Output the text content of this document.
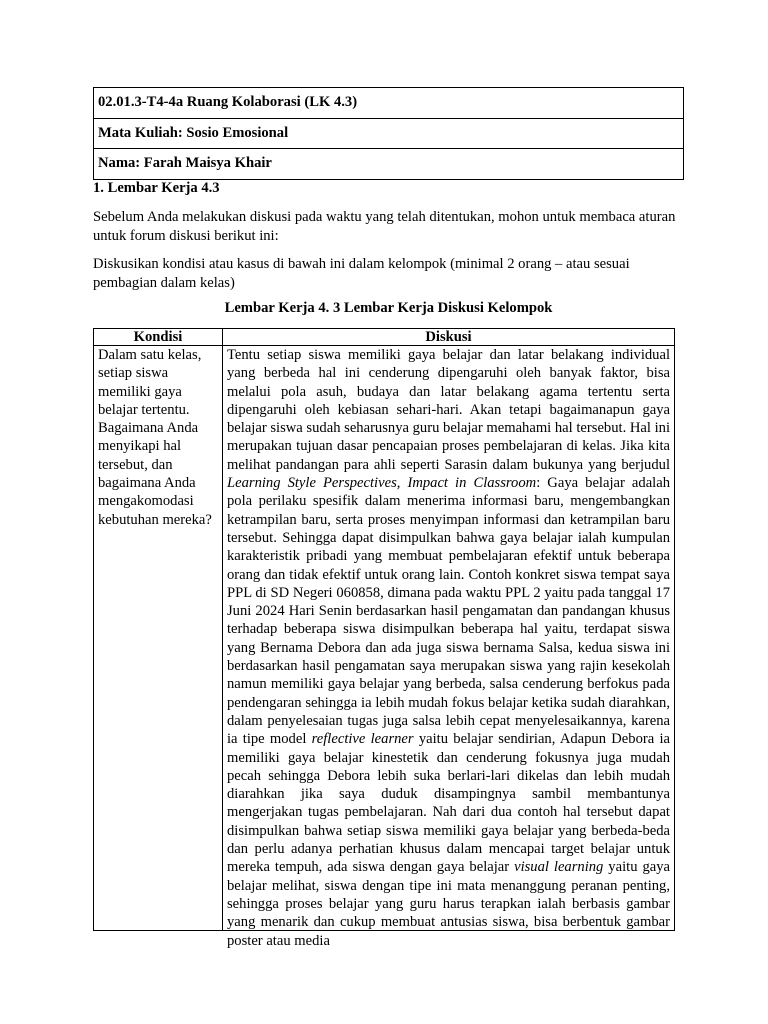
02.01.3-T4-4a Ruang Kolaborasi (LK 4.3)
Mata Kuliah: Sosio Emosional
Nama: Farah Maisya Khair
1. Lembar Kerja 4.3

Sebelum Anda melakukan diskusi pada waktu yang telah ditentukan, mohon untuk membaca aturan untuk forum diskusi berikut ini:

Diskusikan kondisi atau kasus di bawah ini dalam kelompok (minimal 2 orang – atau sesuai pembagian dalam kelas)

Lembar Kerja 4. 3 Lembar Kerja Diskusi Kelompok
Kondisi	Diskusi

Dalam satu kelas, setiap siswa memiliki gaya belajar tertentu. Bagaimana Anda menyikapi hal tersebut, dan bagaimana Anda mengakomodasi kebutuhan mereka?	Tentu setiap siswa memiliki gaya belajar dan latar belakang individual yang berbeda hal ini cenderung dipengaruhi oleh banyak faktor, bisa melalui pola asuh, budaya dan latar belakang agama tertentu serta dipengaruhi oleh kebiasan sehari-hari. Akan tetapi bagaimanapun gaya belajar siswa sudah seharusnya guru belajar memahami hal tersebut. Hal ini merupakan tujuan dasar pencapaian proses pembelajaran di kelas. Jika kita melihat pandangan para ahli seperti Sarasin dalam bukunya yang berjudul Learning Style Perspectives, Impact in Classroom: Gaya belajar adalah pola perilaku spesifik dalam menerima informasi baru, mengembangkan ketrampilan baru, serta proses menyimpan informasi dan ketrampilan baru tersebut. Sehingga dapat disimpulkan bahwa gaya belajar ialah kumpulan karakteristik pribadi yang membuat pembelajaran efektif untuk beberapa orang dan tidak efektif untuk orang lain. Contoh konkret siswa tempat saya PPL di SD Negeri 060858, dimana pada waktu PPL 2 yaitu pada tanggal 17 Juni 2024 Hari Senin berdasarkan hasil pengamatan dan pandangan khusus terhadap beberapa siswa disimpulkan beberapa hal yaitu, terdapat siswa yang Bernama Debora dan ada juga siswa bernama Salsa, kedua siswa ini berdasarkan hasil pengamatan saya merupakan siswa yang rajin kesekolah namun memiliki gaya belajar yang berbeda, salsa cenderung berfokus pada pendengaran sehingga ia lebih mudah fokus belajar ketika sudah diarahkan, dalam penyelesaian tugas juga salsa lebih cepat menyelesaikannya, karena ia tipe model reflective learner yaitu belajar sendirian, Adapun Debora ia memiliki gaya belajar kinestetik dan cenderung fokusnya juga mudah pecah sehingga Debora lebih suka berlari-lari dikelas dan lebih mudah diarahkan jika saya duduk disampingnya sambil membantunya mengerjakan tugas pembelajaran. Nah dari dua contoh hal tersebut dapat disimpulkan bahwa setiap siswa memiliki gaya belajar yang berbeda-beda dan perlu adanya perhatian khusus dalam mencapai target belajar untuk mereka tempuh, ada siswa dengan gaya belajar visual learning yaitu gaya belajar melihat, siswa dengan tipe ini mata menanggung peranan penting, sehingga proses belajar yang guru harus terapkan ialah berbasis gambar yang menarik dan cukup membuat antusias siswa, bisa berbentuk gambar poster atau media
